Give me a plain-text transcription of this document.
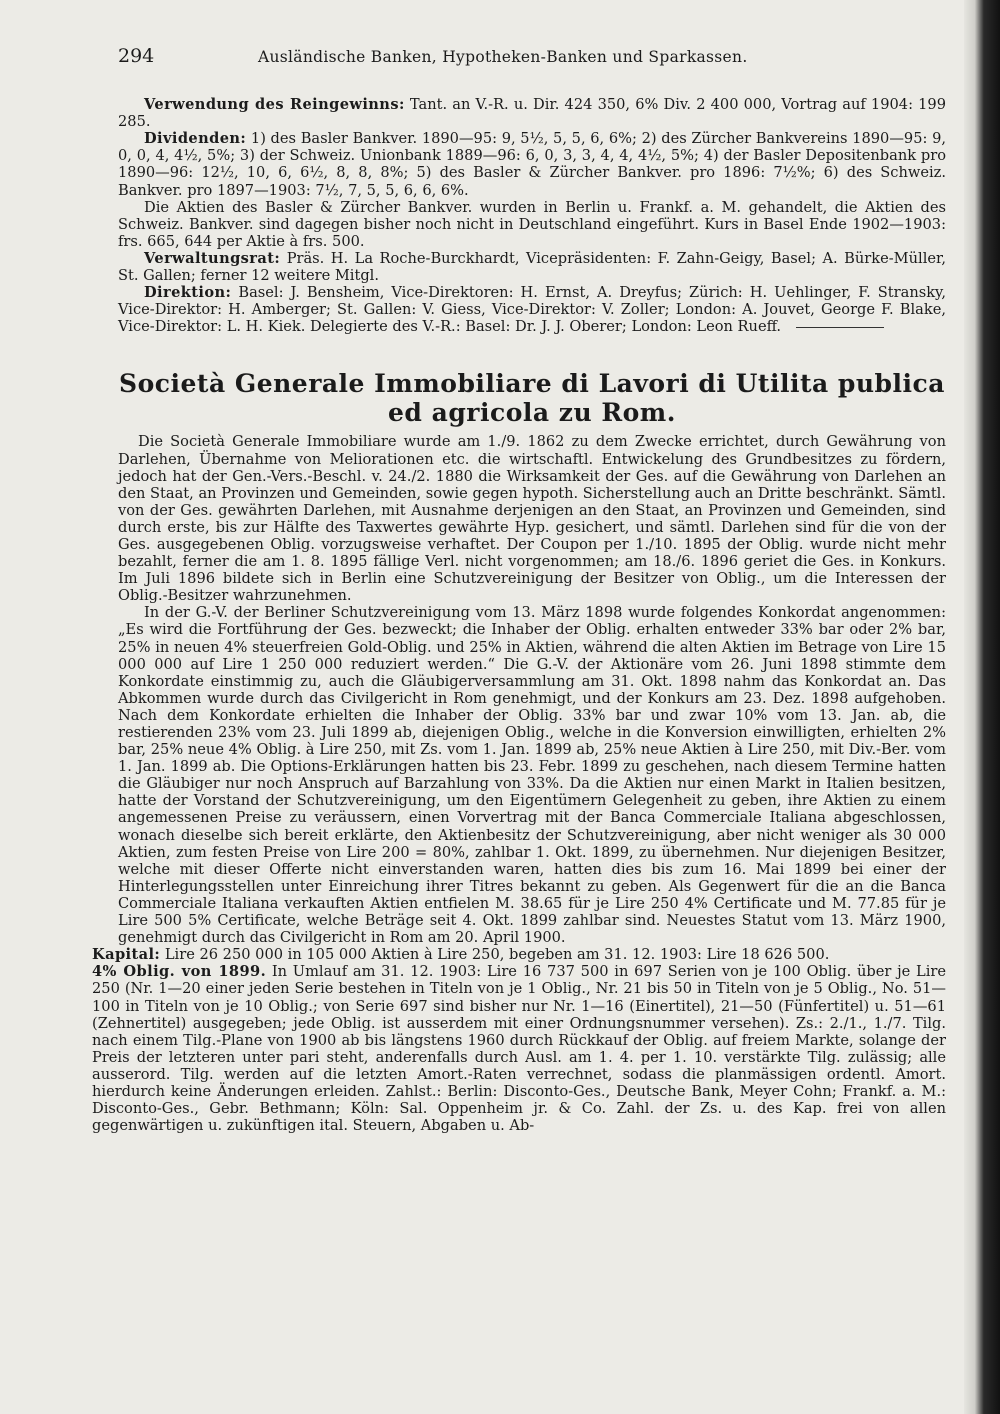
294	Ausländische Banken, Hypotheken-Banken und Sparkassen.

Verwendung des Reingewinns: Tant. an V.-R. u. Dir. 424 350, 6% Div. 2 400 000, Vortrag auf 1904: 199 285.

Dividenden: 1) des Basler Bankver. 1890—95: 9, 5½, 5, 5, 6, 6%; 2) des Zürcher Bankvereins 1890—95: 9, 0, 0, 4, 4½, 5%; 3) der Schweiz. Unionbank 1889—96: 6, 0, 3, 3, 4, 4, 4½, 5%; 4) der Basler Depositenbank pro 1890—96: 12½, 10, 6, 6½, 8, 8, 8%; 5) des Basler & Zürcher Bankver. pro 1896: 7½%; 6) des Schweiz. Bankver. pro 1897—1903: 7½, 7, 5, 5, 6, 6, 6%.

Die Aktien des Basler & Zürcher Bankver. wurden in Berlin u. Frankf. a. M. gehandelt, die Aktien des Schweiz. Bankver. sind dagegen bisher noch nicht in Deutschland eingeführt. Kurs in Basel Ende 1902—1903: frs. 665, 644 per Aktie à frs. 500.

Verwaltungsrat: Präs. H. La Roche-Burckhardt, Vicepräsidenten: F. Zahn-Geigy, Basel; A. Bürke-Müller, St. Gallen; ferner 12 weitere Mitgl.

Direktion: Basel: J. Bensheim, Vice-Direktoren: H. Ernst, A. Dreyfus; Zürich: H. Uehlinger, F. Stransky, Vice-Direktor: H. Amberger; St. Gallen: V. Giess, Vice-Direktor: V. Zoller; London: A. Jouvet, George F. Blake, Vice-Direktor: L. H. Kiek. Delegierte des V.-R.: Basel: Dr. J. J. Oberer; London: Leon Rueff.

Società Generale Immobiliare di Lavori di Utilita publica
ed agricola zu Rom.

Die Società Generale Immobiliare wurde am 1./9. 1862 zu dem Zwecke errichtet, durch Gewährung von Darlehen, Übernahme von Meliorationen etc. die wirtschaftl. Entwickelung des Grundbesitzes zu fördern, jedoch hat der Gen.-Vers.-Beschl. v. 24./2. 1880 die Wirksamkeit der Ges. auf die Gewährung von Darlehen an den Staat, an Provinzen und Gemeinden, sowie gegen hypoth. Sicherstellung auch an Dritte beschränkt. Sämtl. von der Ges. gewährten Darlehen, mit Ausnahme derjenigen an den Staat, an Provinzen und Gemeinden, sind durch erste, bis zur Hälfte des Taxwertes gewährte Hyp. gesichert, und sämtl. Darlehen sind für die von der Ges. ausgegebenen Oblig. vorzugsweise verhaftet. Der Coupon per 1./10. 1895 der Oblig. wurde nicht mehr bezahlt, ferner die am 1. 8. 1895 fällige Verl. nicht vorgenommen; am 18./6. 1896 geriet die Ges. in Konkurs. Im Juli 1896 bildete sich in Berlin eine Schutzvereinigung der Besitzer von Oblig., um die Interessen der Oblig.-Besitzer wahrzunehmen.

In der G.-V. der Berliner Schutzvereinigung vom 13. März 1898 wurde folgendes Konkordat angenommen: „Es wird die Fortführung der Ges. bezweckt; die Inhaber der Oblig. erhalten entweder 33% bar oder 2% bar, 25% in neuen 4% steuerfreien Gold-Oblig. und 25% in Aktien, während die alten Aktien im Betrage von Lire 15 000 000 auf Lire 1 250 000 reduziert werden.“ Die G.-V. der Aktionäre vom 26. Juni 1898 stimmte dem Konkordate einstimmig zu, auch die Gläubigerversammlung am 31. Okt. 1898 nahm das Konkordat an. Das Abkommen wurde durch das Civilgericht in Rom genehmigt, und der Konkurs am 23. Dez. 1898 aufgehoben. Nach dem Konkordate erhielten die Inhaber der Oblig. 33% bar und zwar 10% vom 13. Jan. ab, die restierenden 23% vom 23. Juli 1899 ab, diejenigen Oblig., welche in die Konversion einwilligten, erhielten 2% bar, 25% neue 4% Oblig. à Lire 250, mit Zs. vom 1. Jan. 1899 ab, 25% neue Aktien à Lire 250, mit Div.-Ber. vom 1. Jan. 1899 ab. Die Options-Erklärungen hatten bis 23. Febr. 1899 zu geschehen, nach diesem Termine hatten die Gläubiger nur noch Anspruch auf Barzahlung von 33%. Da die Aktien nur einen Markt in Italien besitzen, hatte der Vorstand der Schutzvereinigung, um den Eigentümern Gelegenheit zu geben, ihre Aktien zu einem angemessenen Preise zu veräussern, einen Vorvertrag mit der Banca Commerciale Italiana abgeschlossen, wonach dieselbe sich bereit erklärte, den Aktienbesitz der Schutzvereinigung, aber nicht weniger als 30 000 Aktien, zum festen Preise von Lire 200 = 80%, zahlbar 1. Okt. 1899, zu übernehmen. Nur diejenigen Besitzer, welche mit dieser Offerte nicht einverstanden waren, hatten dies bis zum 16. Mai 1899 bei einer der Hinterlegungsstellen unter Einreichung ihrer Titres bekannt zu geben. Als Gegenwert für die an die Banca Commerciale Italiana verkauften Aktien entfielen M. 38.65 für je Lire 250 4% Certificate und M. 77.85 für je Lire 500 5% Certificate, welche Beträge seit 4. Okt. 1899 zahlbar sind. Neuestes Statut vom 13. März 1900, genehmigt durch das Civilgericht in Rom am 20. April 1900.

Kapital: Lire 26 250 000 in 105 000 Aktien à Lire 250, begeben am 31. 12. 1903: Lire 18 626 500.

4% Oblig. von 1899. In Umlauf am 31. 12. 1903: Lire 16 737 500 in 697 Serien von je 100 Oblig. über je Lire 250 (Nr. 1—20 einer jeden Serie bestehen in Titeln von je 1 Oblig., Nr. 21 bis 50 in Titeln von je 5 Oblig., No. 51—100 in Titeln von je 10 Oblig.; von Serie 697 sind bisher nur Nr. 1—16 (Einertitel), 21—50 (Fünfertitel) u. 51—61 (Zehnertitel) ausgegeben; jede Oblig. ist ausserdem mit einer Ordnungsnummer versehen). Zs.: 2./1., 1./7. Tilg. nach einem Tilg.-Plane von 1900 ab bis längstens 1960 durch Rückkauf der Oblig. auf freiem Markte, solange der Preis der letzteren unter pari steht, anderenfalls durch Ausl. am 1. 4. per 1. 10. verstärkte Tilg. zulässig; alle ausserord. Tilg. werden auf die letzten Amort.-Raten verrechnet, sodass die planmässigen ordentl. Amort. hierdurch keine Änderungen erleiden. Zahlst.: Berlin: Disconto-Ges., Deutsche Bank, Meyer Cohn; Frankf. a. M.: Disconto-Ges., Gebr. Bethmann; Köln: Sal. Oppenheim jr. & Co. Zahl. der Zs. u. des Kap. frei von allen gegenwärtigen u. zukünftigen ital. Steuern, Abgaben u. Ab-
